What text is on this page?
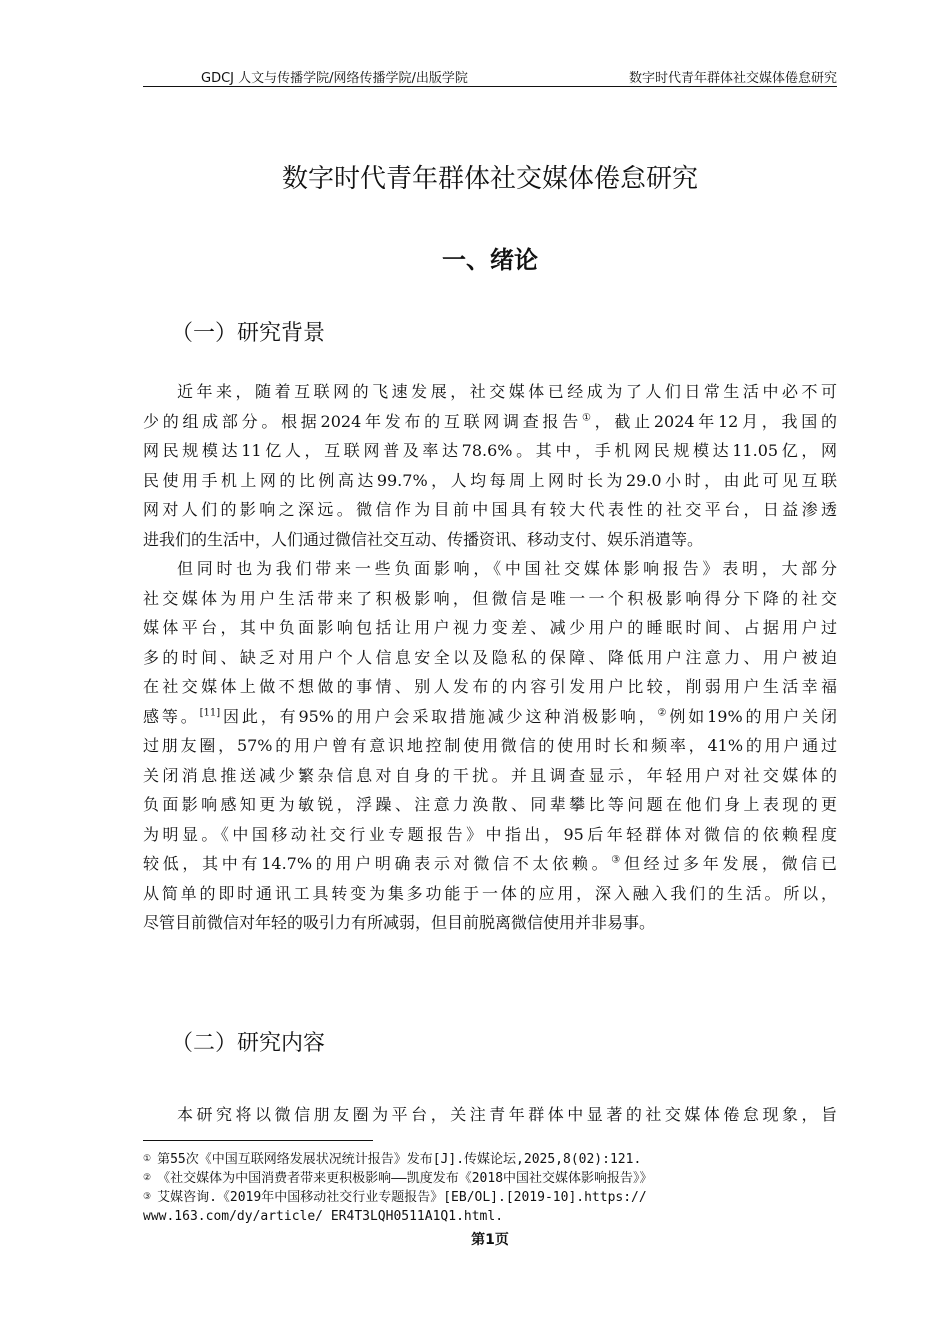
GDCJ 人文与传播学院/网络传播学院/出版学院	数字时代青年群体社交媒体倦怠研究
数字时代青年群体社交媒体倦怠研究
一、绪论
（一）研究背景
近年来，随着互联网的飞速发展，社交媒体已经成为了人们日常生活中必不可
少的组成部分。根据2024年发布的互联网调查报告①，截止2024年12月，我国的
网民规模达11亿人，互联网普及率达78.6%。其中，手机网民规模达11.05亿，网
民使用手机上网的比例高达99.7%，人均每周上网时长为29.0小时，由此可见互联
网对人们的影响之深远。微信作为目前中国具有较大代表性的社交平台，日益渗透
进我们的生活中，人们通过微信社交互动、传播资讯、移动支付、娱乐消遣等。
但同时也为我们带来一些负面影响，《中国社交媒体影响报告》表明，大部分
社交媒体为用户生活带来了积极影响，但微信是唯一一个积极影响得分下降的社交
媒体平台，其中负面影响包括让用户视力变差、减少用户的睡眠时间、占据用户过
多的时间、缺乏对用户个人信息安全以及隐私的保障、降低用户注意力、用户被迫
在社交媒体上做不想做的事情、别人发布的内容引发用户比较，削弱用户生活幸福
感等。[11]因此，有95%的用户会采取措施减少这种消极影响，②例如19%的用户关闭
过朋友圈，57%的用户曾有意识地控制使用微信的使用时长和频率，41%的用户通过
关闭消息推送减少繁杂信息对自身的干扰。并且调查显示，年轻用户对社交媒体的
负面影响感知更为敏锐，浮躁、注意力涣散、同辈攀比等问题在他们身上表现的更
为明显。《中国移动社交行业专题报告》中指出，95后年轻群体对微信的依赖程度
较低，其中有14.7%的用户明确表示对微信不太依赖。③但经过多年发展，微信已
从简单的即时通讯工具转变为集多功能于一体的应用，深入融入我们的生活。所以，
尽管目前微信对年轻的吸引力有所减弱，但目前脱离微信使用并非易事。
（二）研究内容
本研究将以微信朋友圈为平台，关注青年群体中显著的社交媒体倦怠现象，旨
① 第55次《中国互联网络发展状况统计报告》发布[J].传媒论坛,2025,8(02):121.
② 《社交媒体为中国消费者带来更积极影响——凯度发布《2018中国社交媒体影响报告》》
③ 艾媒咨询.《2019年中国移动社交行业专题报告》[EB/OL].[2019-10].https://
www.163.com/dy/article/ ER4T3LQH0511A1Q1.html.
第1页
